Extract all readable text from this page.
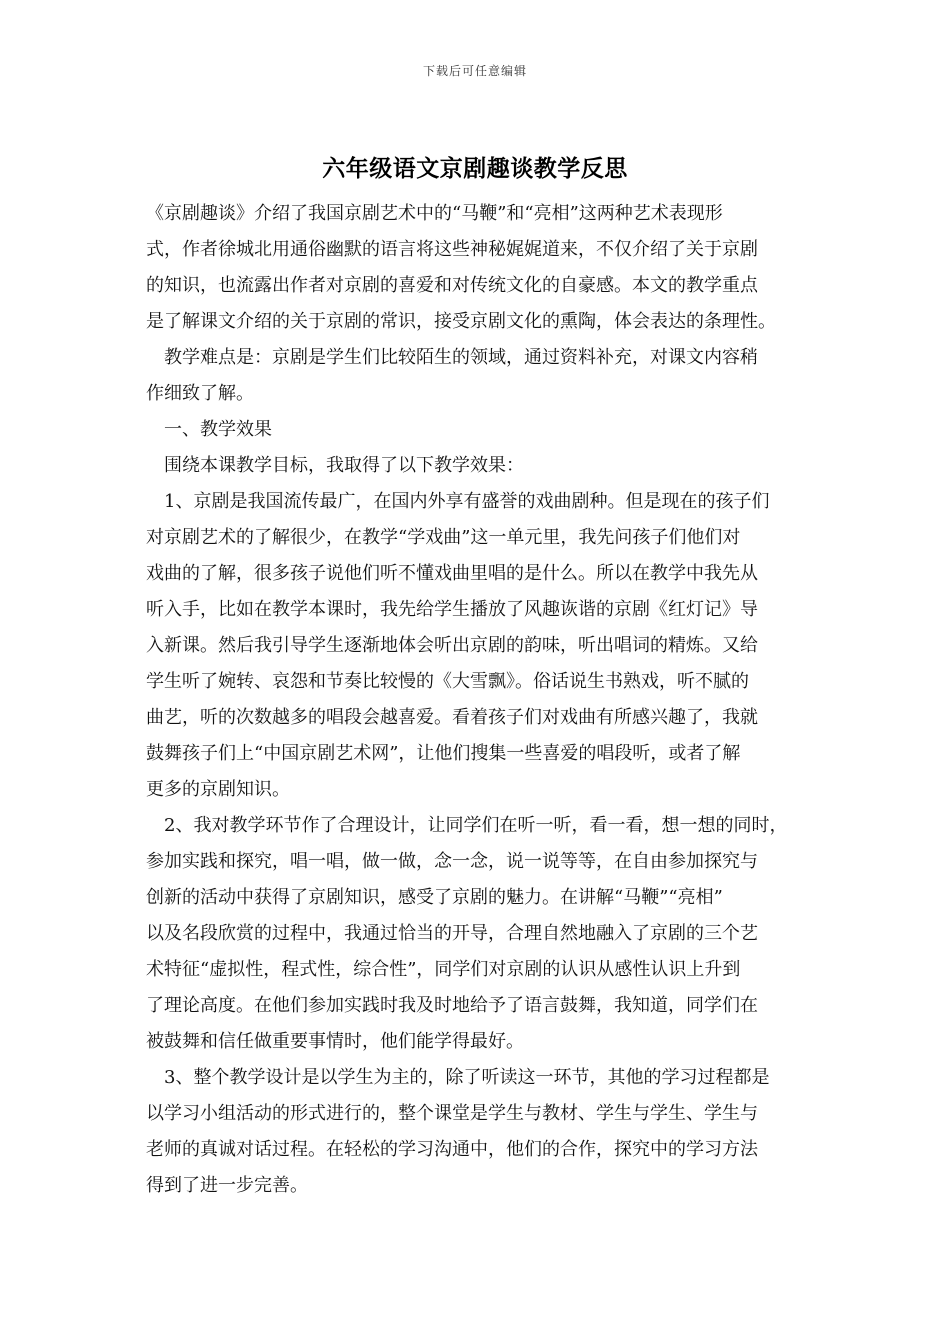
下载后可任意编辑
六年级语文京剧趣谈教学反思
《京剧趣谈》介绍了我国京剧艺术中的“马鞭”和“亮相”这两种艺术表现形
式，作者徐城北用通俗幽默的语言将这些神秘娓娓道来，不仅介绍了关于京剧
的知识，也流露出作者对京剧的喜爱和对传统文化的自豪感。本文的教学重点
是了解课文介绍的关于京剧的常识，接受京剧文化的熏陶，体会表达的条理性。
教学难点是：京剧是学生们比较陌生的领域，通过资料补充，对课文内容稍
作细致了解。
一、教学效果
围绕本课教学目标，我取得了以下教学效果：
1、京剧是我国流传最广，在国内外享有盛誉的戏曲剧种。但是现在的孩子们
对京剧艺术的了解很少，在教学“学戏曲”这一单元里，我先问孩子们他们对
戏曲的了解，很多孩子说他们听不懂戏曲里唱的是什么。所以在教学中我先从
听入手，比如在教学本课时，我先给学生播放了风趣诙谐的京剧《红灯记》导
入新课。然后我引导学生逐渐地体会听出京剧的韵味，听出唱词的精炼。又给
学生听了婉转、哀怨和节奏比较慢的《大雪飘》。俗话说生书熟戏，听不腻的
曲艺，听的次数越多的唱段会越喜爱。看着孩子们对戏曲有所感兴趣了，我就
鼓舞孩子们上“中国京剧艺术网”，让他们搜集一些喜爱的唱段听，或者了解
更多的京剧知识。
2、我对教学环节作了合理设计，让同学们在听一听，看一看，想一想的同时，
参加实践和探究，唱一唱，做一做，念一念，说一说等等，在自由参加探究与
创新的活动中获得了京剧知识，感受了京剧的魅力。在讲解“马鞭”“亮相”
以及名段欣赏的过程中，我通过恰当的开导，合理自然地融入了京剧的三个艺
术特征“虚拟性，程式性，综合性”，同学们对京剧的认识从感性认识上升到
了理论高度。在他们参加实践时我及时地给予了语言鼓舞，我知道，同学们在
被鼓舞和信任做重要事情时，他们能学得最好。
3、整个教学设计是以学生为主的，除了听读这一环节，其他的学习过程都是
以学习小组活动的形式进行的，整个课堂是学生与教材、学生与学生、学生与
老师的真诚对话过程。在轻松的学习沟通中，他们的合作，探究中的学习方法
得到了进一步完善。
